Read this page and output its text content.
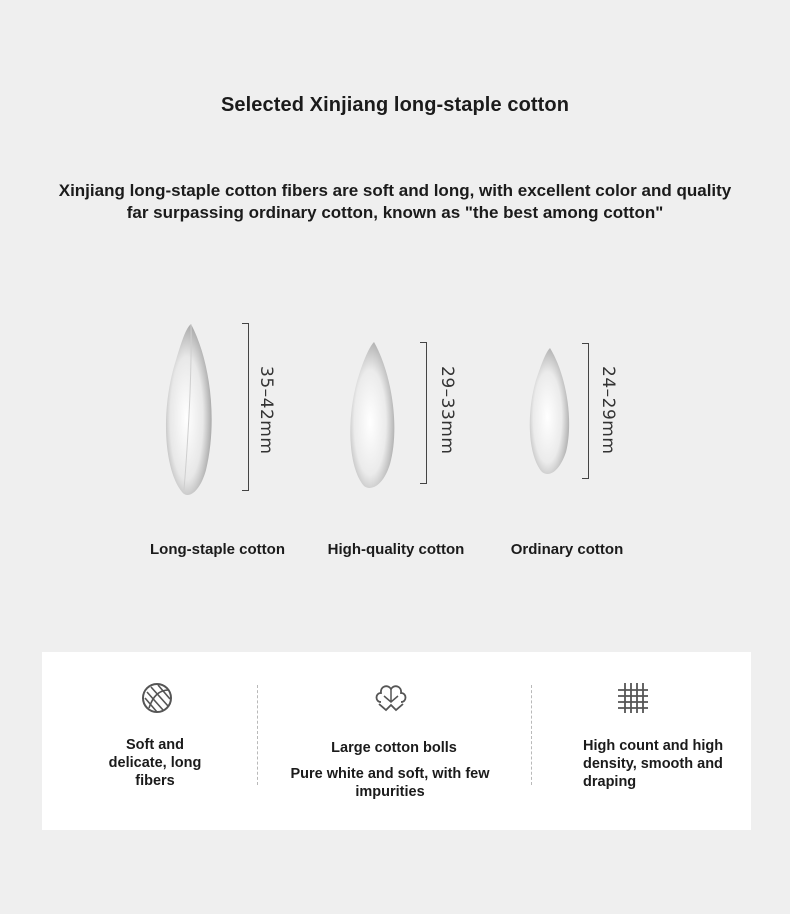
Selected Xinjiang long-staple cotton
Xinjiang long-staple cotton fibers are soft and long, with excellent color and quality far surpassing ordinary cotton, known as "the best among cotton"
35–42mm
Long-staple cotton
29–33mm
High-quality cotton
24–29mm
Ordinary cotton
Soft and delicate, long fibers
Large cotton bolls
Pure white and soft, with few impurities
High count and high density, smooth and draping
